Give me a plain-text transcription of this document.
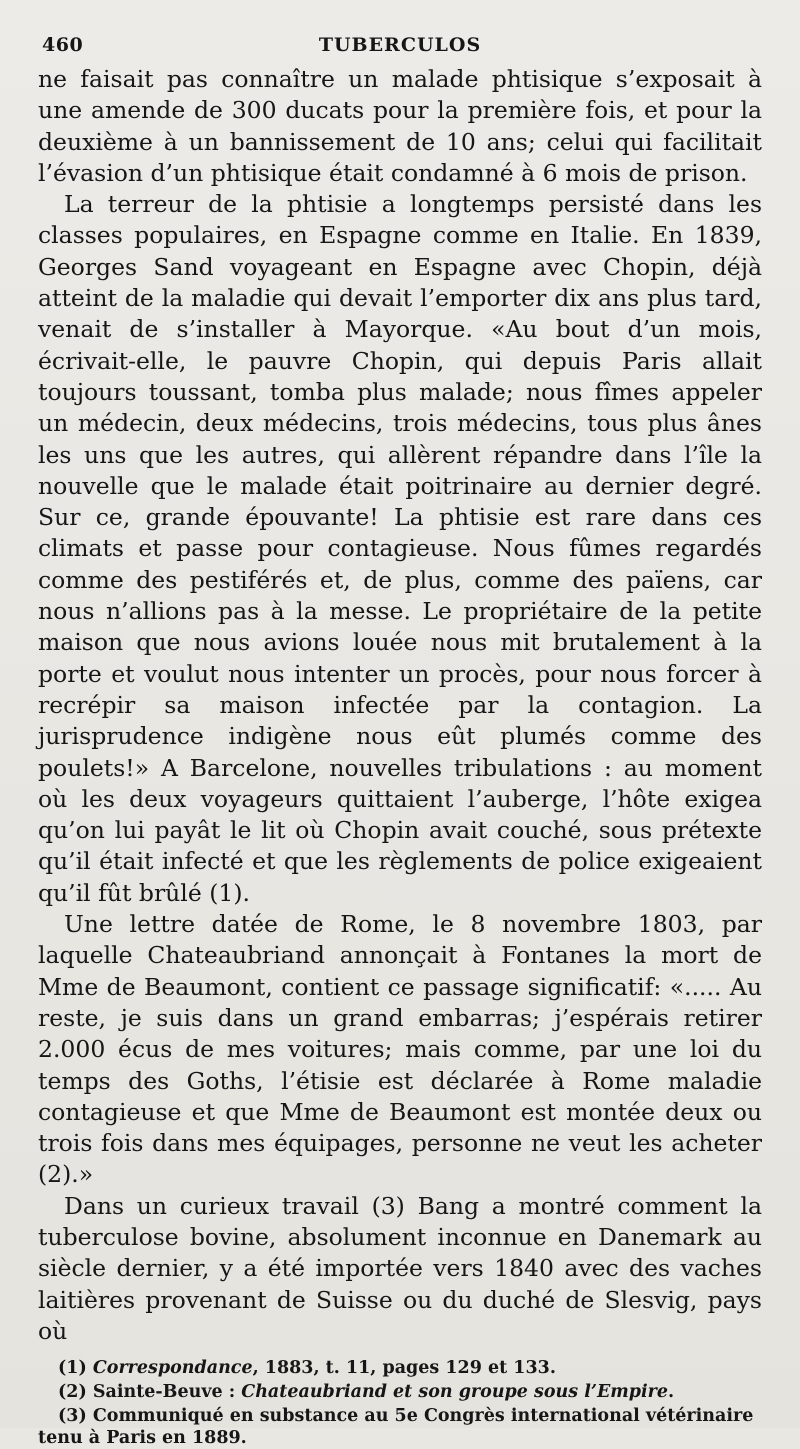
460	TUBERCULOS

ne faisait pas connaître un malade phtisique s’exposait à une amende de 300 ducats pour la première fois, et pour la deuxième à un bannissement de 10 ans; celui qui facilitait l’évasion d’un phtisique était condamné à 6 mois de prison.

La terreur de la phtisie a longtemps persisté dans les classes populaires, en Espagne comme en Italie. En 1839, Georges Sand voyageant en Espagne avec Chopin, déjà atteint de la maladie qui devait l’emporter dix ans plus tard, venait de s’installer à Mayorque. «Au bout d’un mois, écrivait-elle, le pauvre Chopin, qui depuis Paris allait toujours toussant, tomba plus malade; nous fîmes appeler un médecin, deux médecins, trois médecins, tous plus ânes les uns que les autres, qui allèrent répandre dans l’île la nouvelle que le malade était poitrinaire au dernier degré. Sur ce, grande épouvante! La phtisie est rare dans ces climats et passe pour contagieuse. Nous fûmes regardés comme des pestiférés et, de plus, comme des païens, car nous n’allions pas à la messe. Le propriétaire de la petite maison que nous avions louée nous mit brutalement à la porte et voulut nous intenter un procès, pour nous forcer à recrépir sa maison infectée par la contagion. La jurisprudence indigène nous eût plumés comme des poulets!» A Barcelone, nouvelles tribulations : au moment où les deux voyageurs quittaient l’auberge, l’hôte exigea qu’on lui payât le lit où Chopin avait couché, sous prétexte qu’il était infecté et que les règlements de police exigeaient qu’il fût brûlé (1).

Une lettre datée de Rome, le 8 novembre 1803, par laquelle Chateaubriand annonçait à Fontanes la mort de Mme de Beaumont, contient ce passage significatif: «..... Au reste, je suis dans un grand embarras; j’espérais retirer 2.000 écus de mes voitures; mais comme, par une loi du temps des Goths, l’étisie est déclarée à Rome maladie contagieuse et que Mme de Beaumont est montée deux ou trois fois dans mes équipages, personne ne veut les acheter (2).»

Dans un curieux travail (3) Bang a montré comment la tuberculose bovine, absolument inconnue en Danemark au siècle dernier, y a été importée vers 1840 avec des vaches laitières provenant de Suisse ou du duché de Slesvig, pays où

(1) Correspondance, 1883, t. 11, pages 129 et 133.

(2) Sainte-Beuve : Chateaubriand et son groupe sous l’Empire.

(3) Communiqué en substance au 5e Congrès international vétérinaire tenu à Paris en 1889.
